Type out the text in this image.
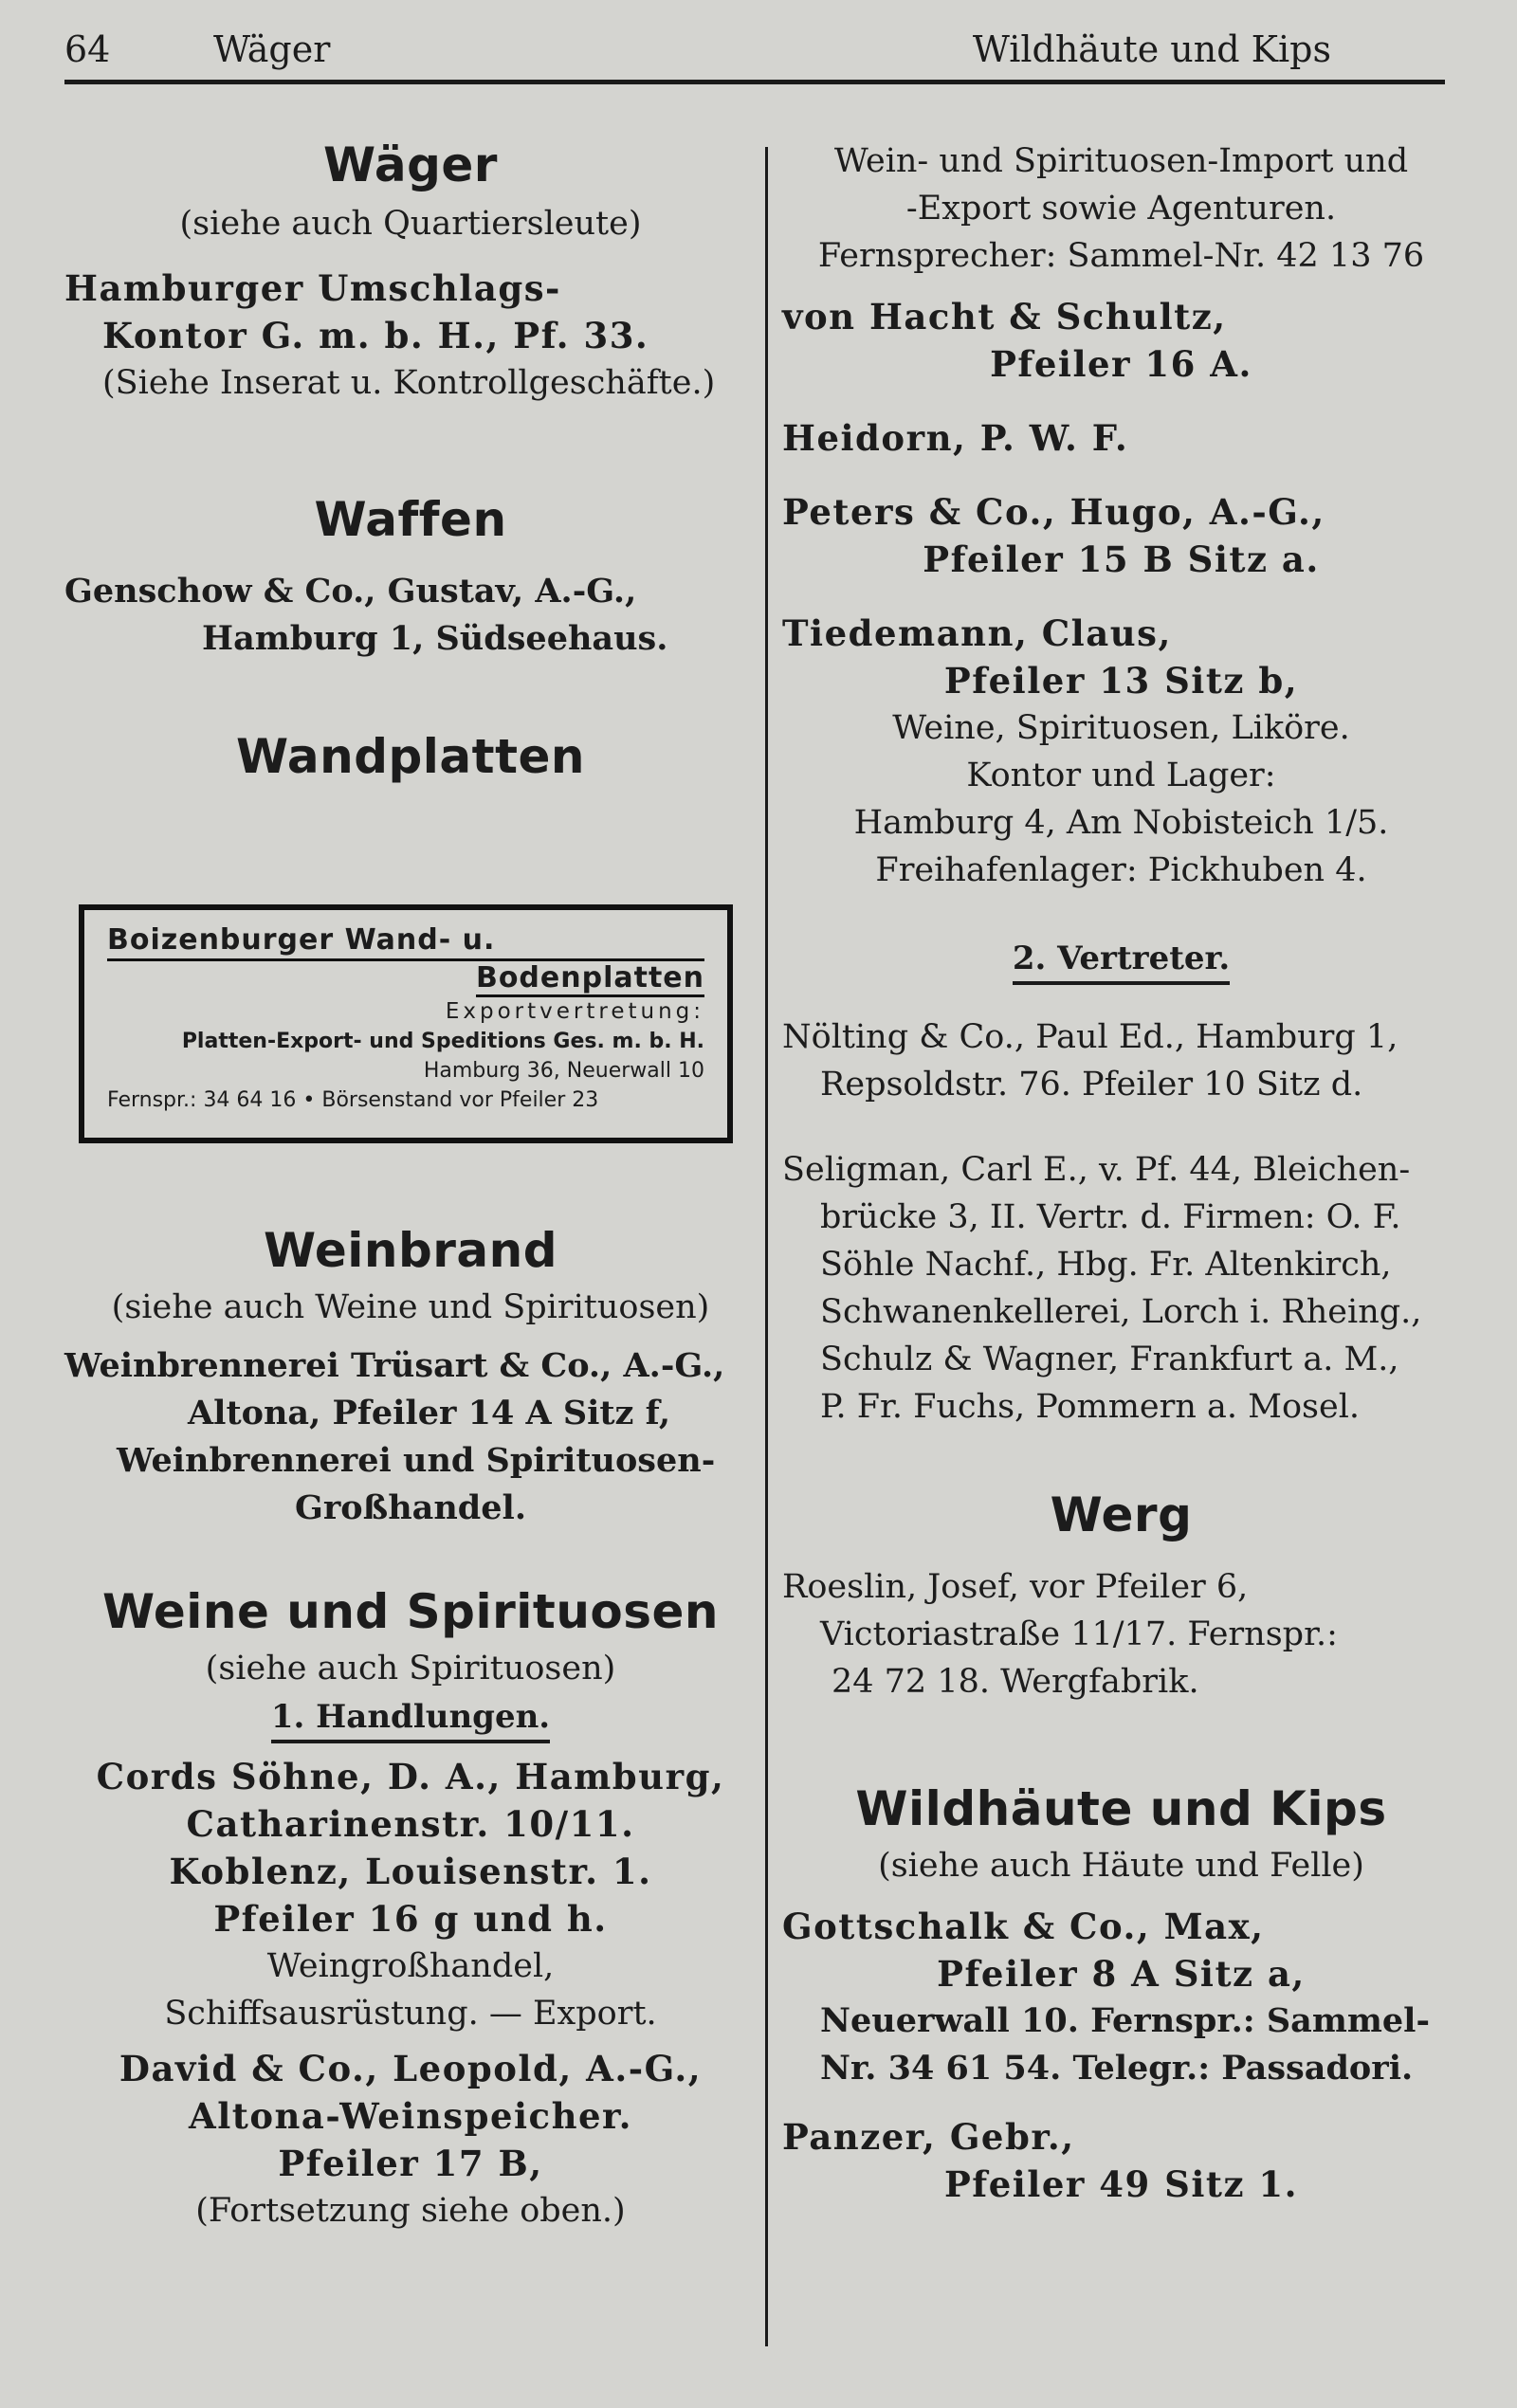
64	Wäger	Wildhäute und Kips
Wäger
(siehe auch Quartiersleute)
Hamburger Umschlags-
Kontor G. m. b. H., Pf. 33.
(Siehe Inserat u. Kontrollgeschäfte.)
Waffen
Genschow & Co., Gustav, A.-G.,
Hamburg 1, Südseehaus.
Wandplatten
Boizenburger Wand- u.
Bodenplatten
Exportvertretung:
Platten-Export- und Speditions Ges. m. b. H.
Hamburg 36, Neuerwall 10
Fernspr.: 34 64 16 • Börsenstand vor Pfeiler 23
Weinbrand
(siehe auch Weine und Spirituosen)
Weinbrennerei Trüsart & Co., A.-G.,
Altona, Pfeiler 14 A Sitz f,
Weinbrennerei und Spirituosen-
Großhandel.
Weine und Spirituosen
(siehe auch Spirituosen)
1. Handlungen.
Cords Söhne, D. A., Hamburg,
Catharinenstr. 10/11.
Koblenz, Louisenstr. 1.
Pfeiler 16 g und h.
Weingroßhandel,
Schiffsausrüstung. — Export.
David & Co., Leopold, A.-G.,
Altona-Weinspeicher.
Pfeiler 17 B,
(Fortsetzung siehe oben.)
Wein- und Spirituosen-Import und
-Export sowie Agenturen.
Fernsprecher: Sammel-Nr. 42 13 76
von Hacht & Schultz,
Pfeiler 16 A.
Heidorn, P. W. F.
Peters & Co., Hugo, A.-G.,
Pfeiler 15 B Sitz a.
Tiedemann, Claus,
Pfeiler 13 Sitz b,
Weine, Spirituosen, Liköre.
Kontor und Lager:
Hamburg 4, Am Nobisteich 1/5.
Freihafenlager: Pickhuben 4.
2. Vertreter.
Nölting & Co., Paul Ed., Hamburg 1,
Repsoldstr. 76. Pfeiler 10 Sitz d.
Seligman, Carl E., v. Pf. 44, Bleichen-
brücke 3, II. Vertr. d. Firmen: O. F.
Söhle Nachf., Hbg. Fr. Altenkirch,
Schwanenkellerei, Lorch i. Rheing.,
Schulz & Wagner, Frankfurt a. M.,
P. Fr. Fuchs, Pommern a. Mosel.
Werg
Roeslin, Josef, vor Pfeiler 6,
Victoriastraße 11/17. Fernspr.:
24 72 18. Wergfabrik.
Wildhäute und Kips
(siehe auch Häute und Felle)
Gottschalk & Co., Max,
Pfeiler 8 A Sitz a,
Neuerwall 10. Fernspr.: Sammel-
Nr. 34 61 54. Telegr.: Passadori.
Panzer, Gebr.,
Pfeiler 49 Sitz 1.
